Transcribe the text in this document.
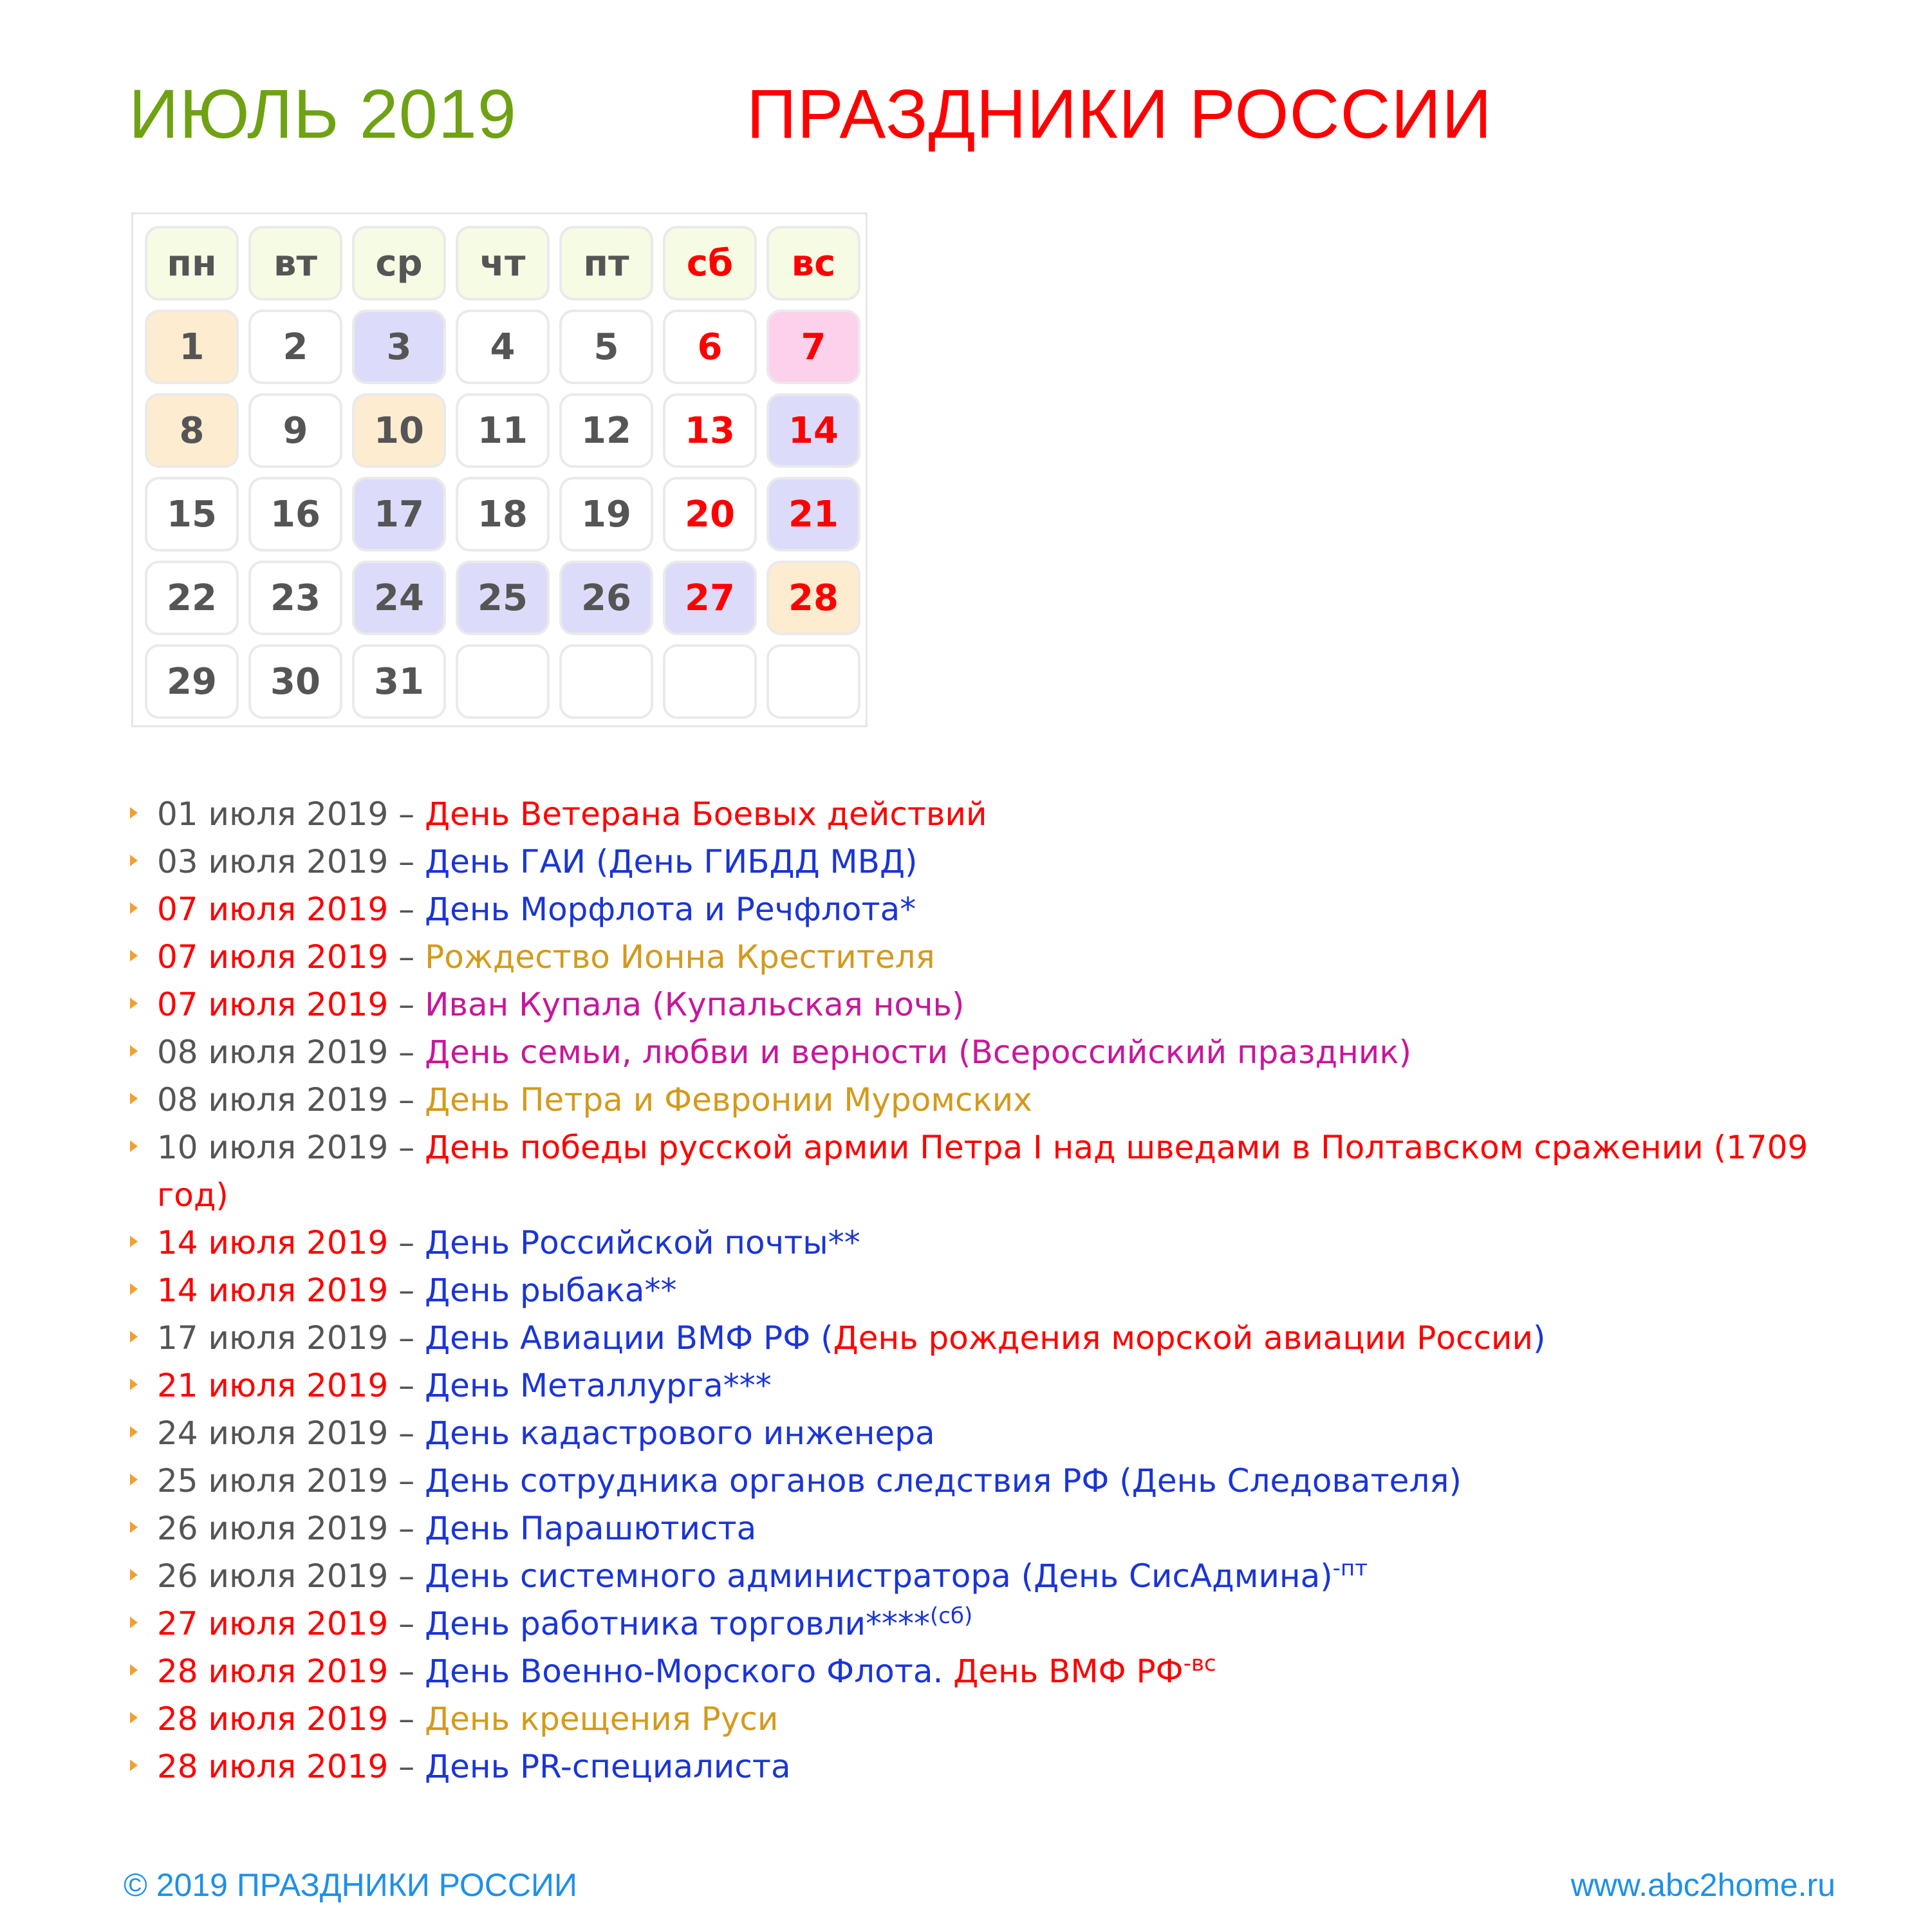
ИЮЛЬ 2019	ПРАЗДНИКИ РОССИИ
пн	вт	ср	чт	пт	сб	вс
1	2	3	4	5	6	7
8	9	10	11	12	13	14
15	16	17	18	19	20	21
22	23	24	25	26	27	28
29	30	31
01 июля 2019 – День Ветерана Боевых действий
03 июля 2019 – День ГАИ (День ГИБДД МВД)
07 июля 2019 – День Морфлота и Речфлота*
07 июля 2019 – Рождество Ионна Крестителя
07 июля 2019 – Иван Купала (Купальская ночь)
08 июля 2019 – День семьи, любви и верности (Всероссийский праздник)
08 июля 2019 – День Петра и Февронии Муромских
10 июля 2019 – День победы русской армии Петра I над шведами в Полтавском сражении (1709 год)
14 июля 2019 – День Российской почты**
14 июля 2019 – День рыбака**
17 июля 2019 – День Авиации ВМФ РФ (День рождения морской авиации России)
21 июля 2019 – День Металлурга***
24 июля 2019 – День кадастрового инженера
25 июля 2019 – День сотрудника органов следствия РФ (День Следователя)
26 июля 2019 – День Парашютиста
26 июля 2019 – День системного администратора (День СисАдмина)$^{-пт}$
27 июля 2019 – День работника торговли****$^{(сб)}$
28 июля 2019 – День Военно-Морского Флота. День ВМФ $РФ^{-вс}$
28 июля 2019 – День крещения Руси
28 июля 2019 – День PR-специалиста
© 2019 ПРАЗДНИКИ РОССИИ	www.abc2home.ru
